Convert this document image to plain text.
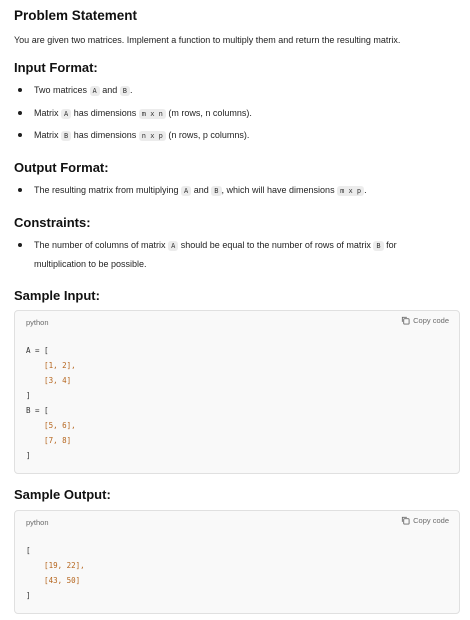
Problem Statement

You are given two matrices. Implement a function to multiply them and return the resulting matrix.

Input Format:
Two matrices A and B .
Matrix A has dimensions m x n (m rows, n columns).
Matrix B has dimensions n x p (n rows, p columns).
Output Format:
The resulting matrix from multiplying A and B , which will have dimensions m x p .
Constraints:
The number of columns of matrix A should be equal to the number of rows of matrix B for
multiplication to be possible.
Sample Input:
python	Copy code
A = [
[1, 2],
[3, 4]
]
B = [
[5, 6],
[7, 8]
]
Sample Output:
python	Copy code
[
[19, 22],
[43, 50]
]
